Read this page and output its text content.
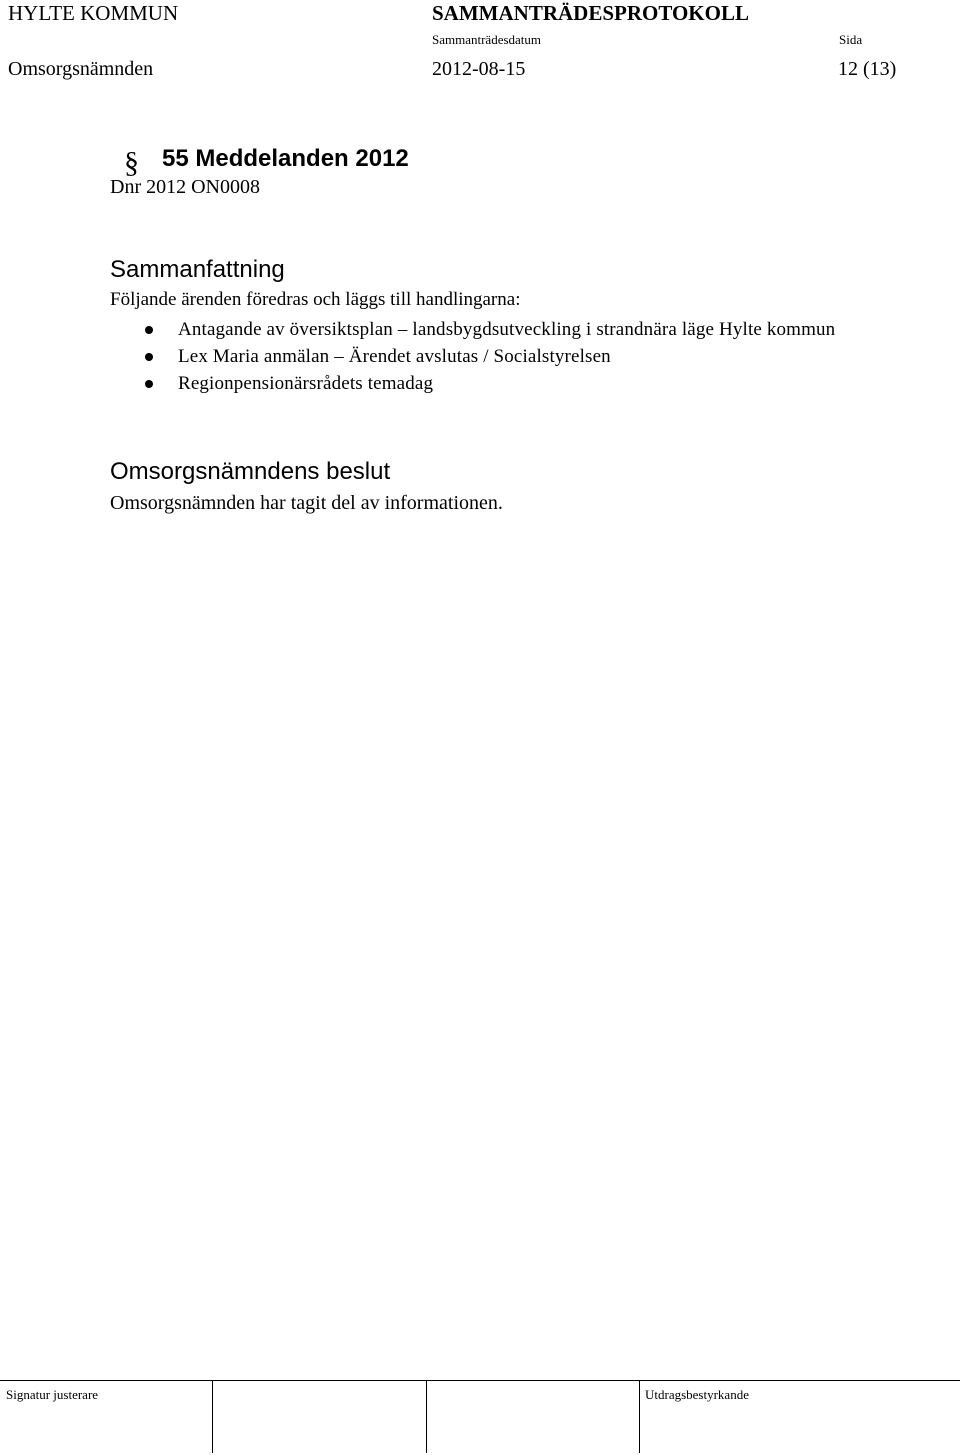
HYLTE KOMMUN	SAMMANTRÄDESPROTOKOLL
Sammanträdesdatum	Sida
Omsorgsnämnden	2012-08-15	12 (13)
§ 55 Meddelanden 2012
Dnr 2012 ON0008
Sammanfattning
Följande ärenden föredras och läggs till handlingarna:
Antagande av översiktsplan – landsbygdsutveckling i strandnära läge Hylte kommun
Lex Maria anmälan – Ärendet avslutas / Socialstyrelsen
Regionpensionärsrådets temadag
Omsorgsnämndens beslut
Omsorgsnämnden har tagit del av informationen.
Signatur justerare	Utdragsbestyrkande
